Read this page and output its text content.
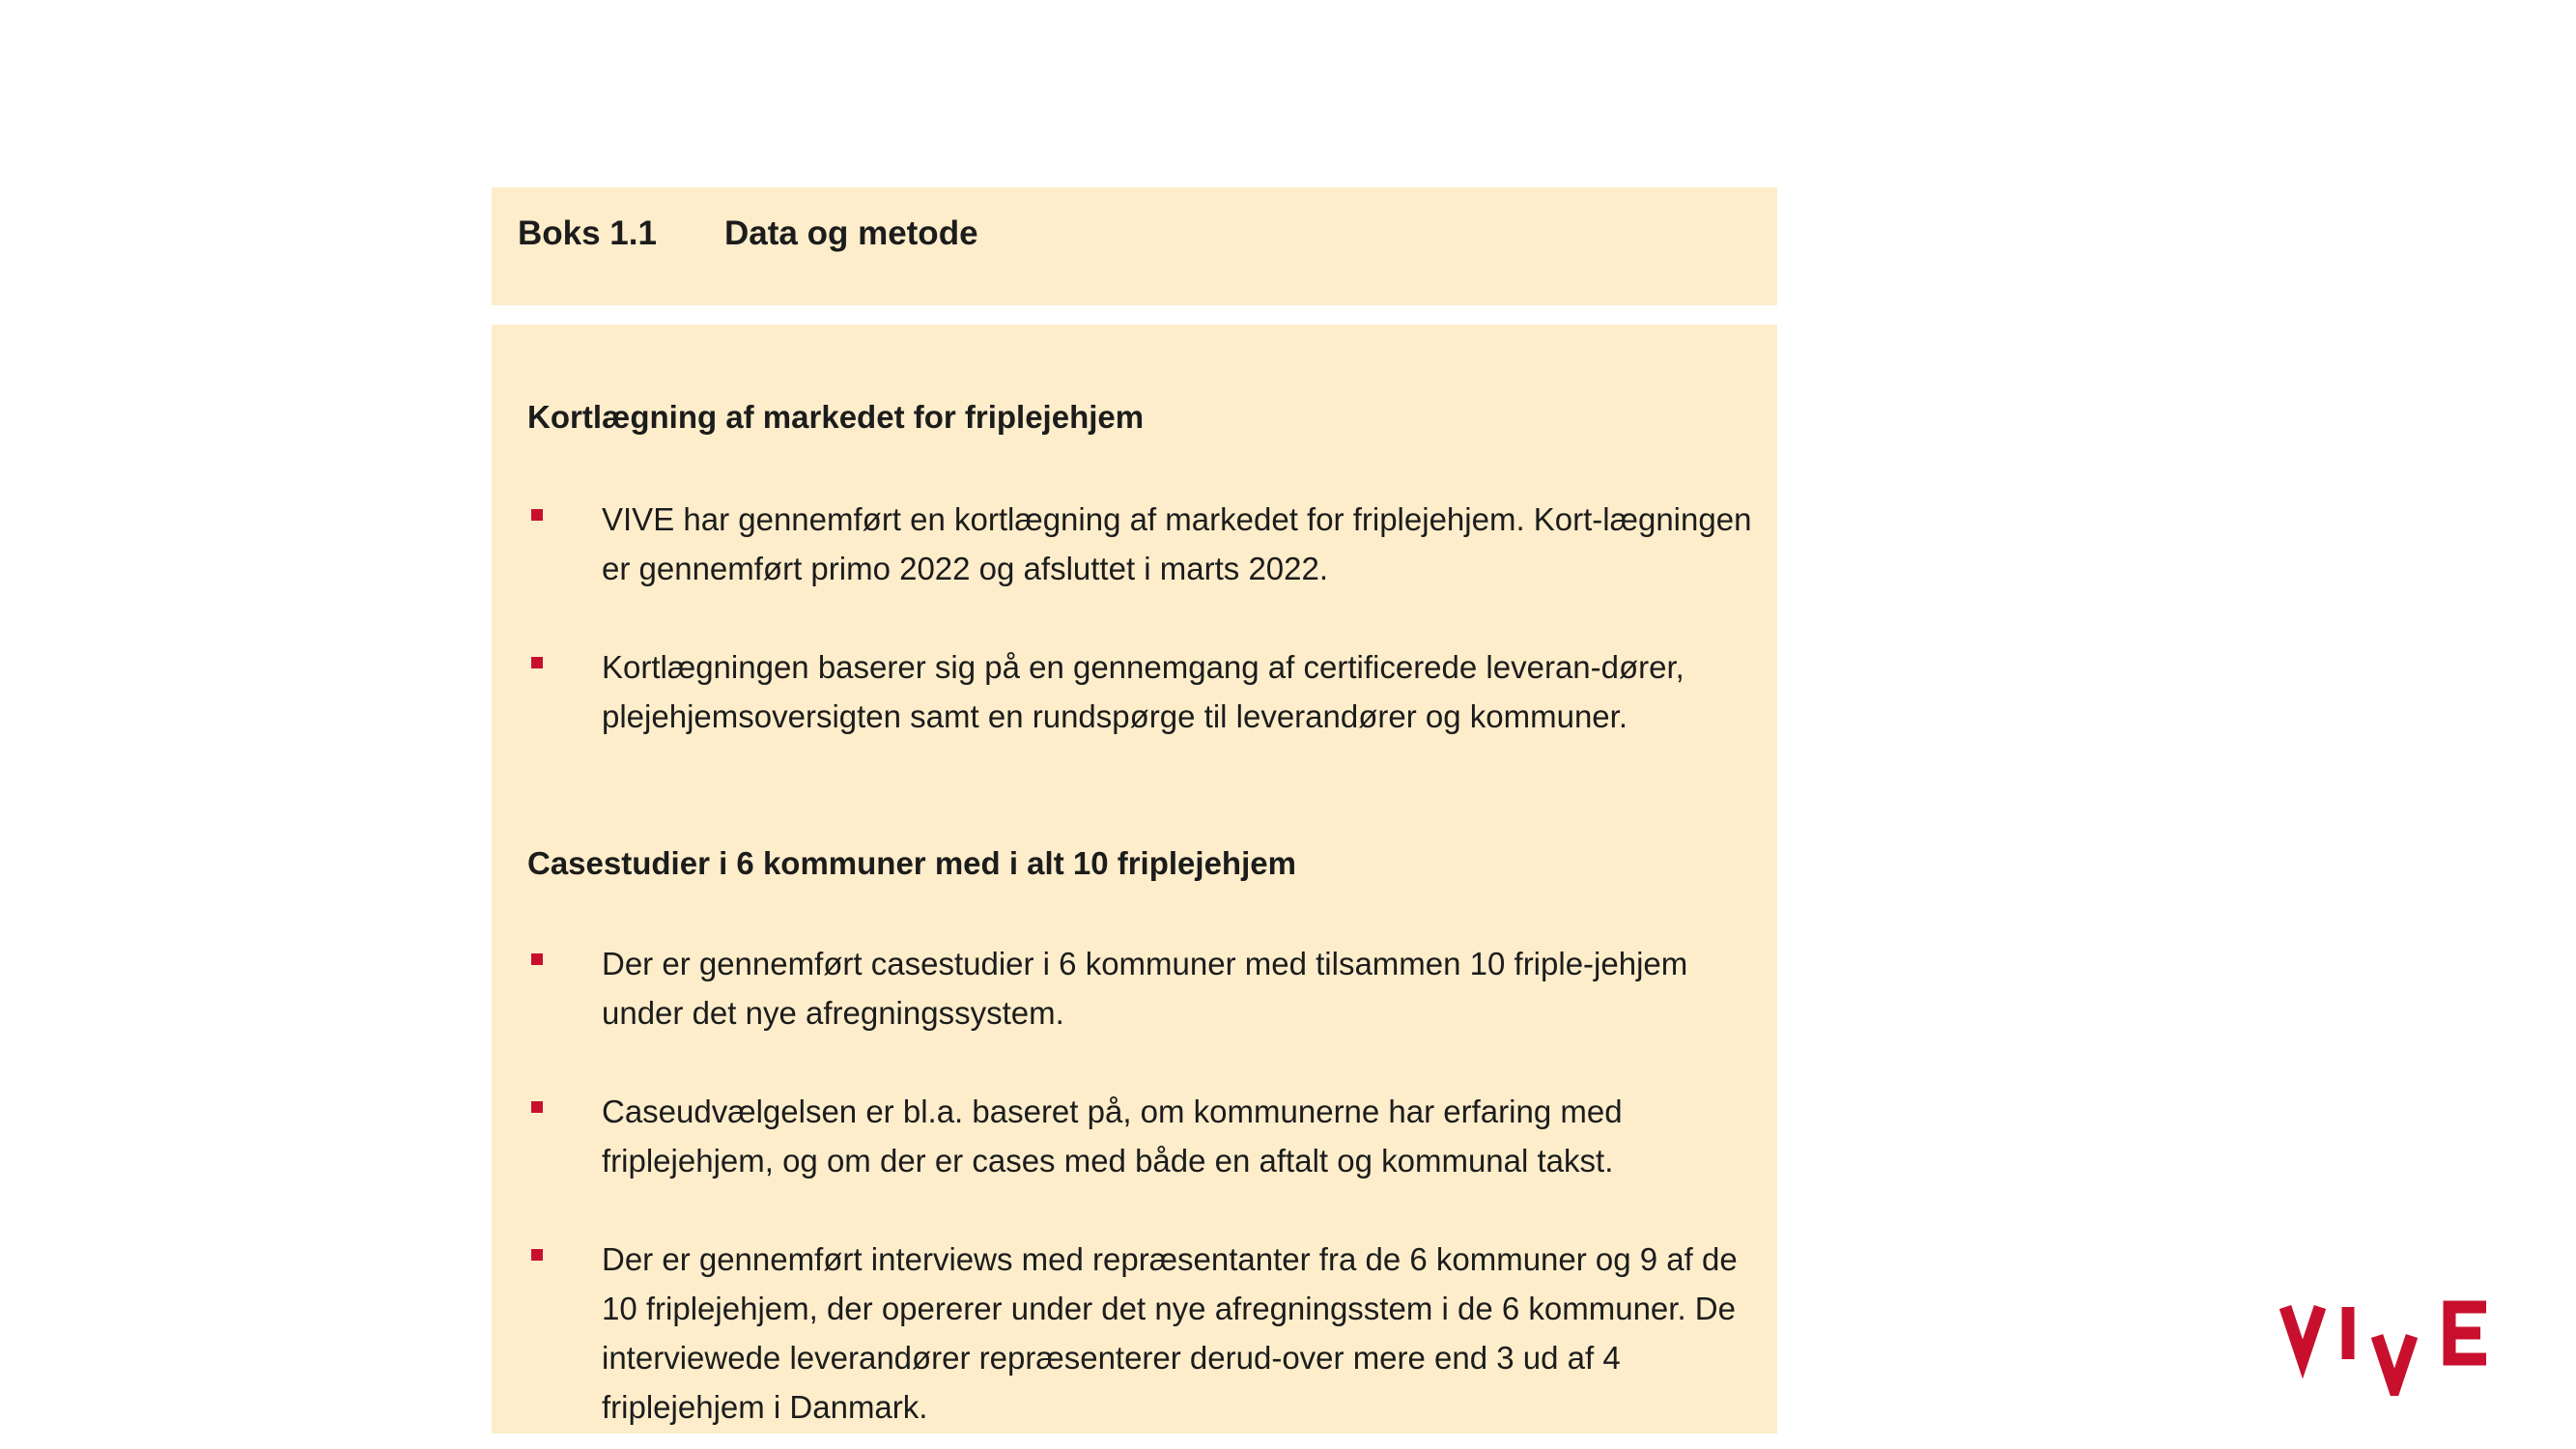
Boks 1.1 Data og metode
Kortlægning af markedet for friplejehjem
VIVE har gennemført en kortlægning af markedet for friplejehjem. Kort-lægningen er gennemført primo 2022 og afsluttet i marts 2022.
Kortlægningen baserer sig på en gennemgang af certificerede leveran-dører, plejehjemsoversigten samt en rundspørge til leverandører og kommuner.
Casestudier i 6 kommuner med i alt 10 friplejehjem
Der er gennemført casestudier i 6 kommuner med tilsammen 10 friple-jehjem under det nye afregningssystem.
Caseudvælgelsen er bl.a. baseret på, om kommunerne har erfaring med friplejehjem, og om der er cases med både en aftalt og kommunal takst.
Der er gennemført interviews med repræsentanter fra de 6 kommuner og 9 af de 10 friplejehjem, der opererer under det nye afregningsstem i de 6 kommuner. De interviewede leverandører repræsenterer derud-over mere end 3 ud af 4 friplejehjem i Danmark.
